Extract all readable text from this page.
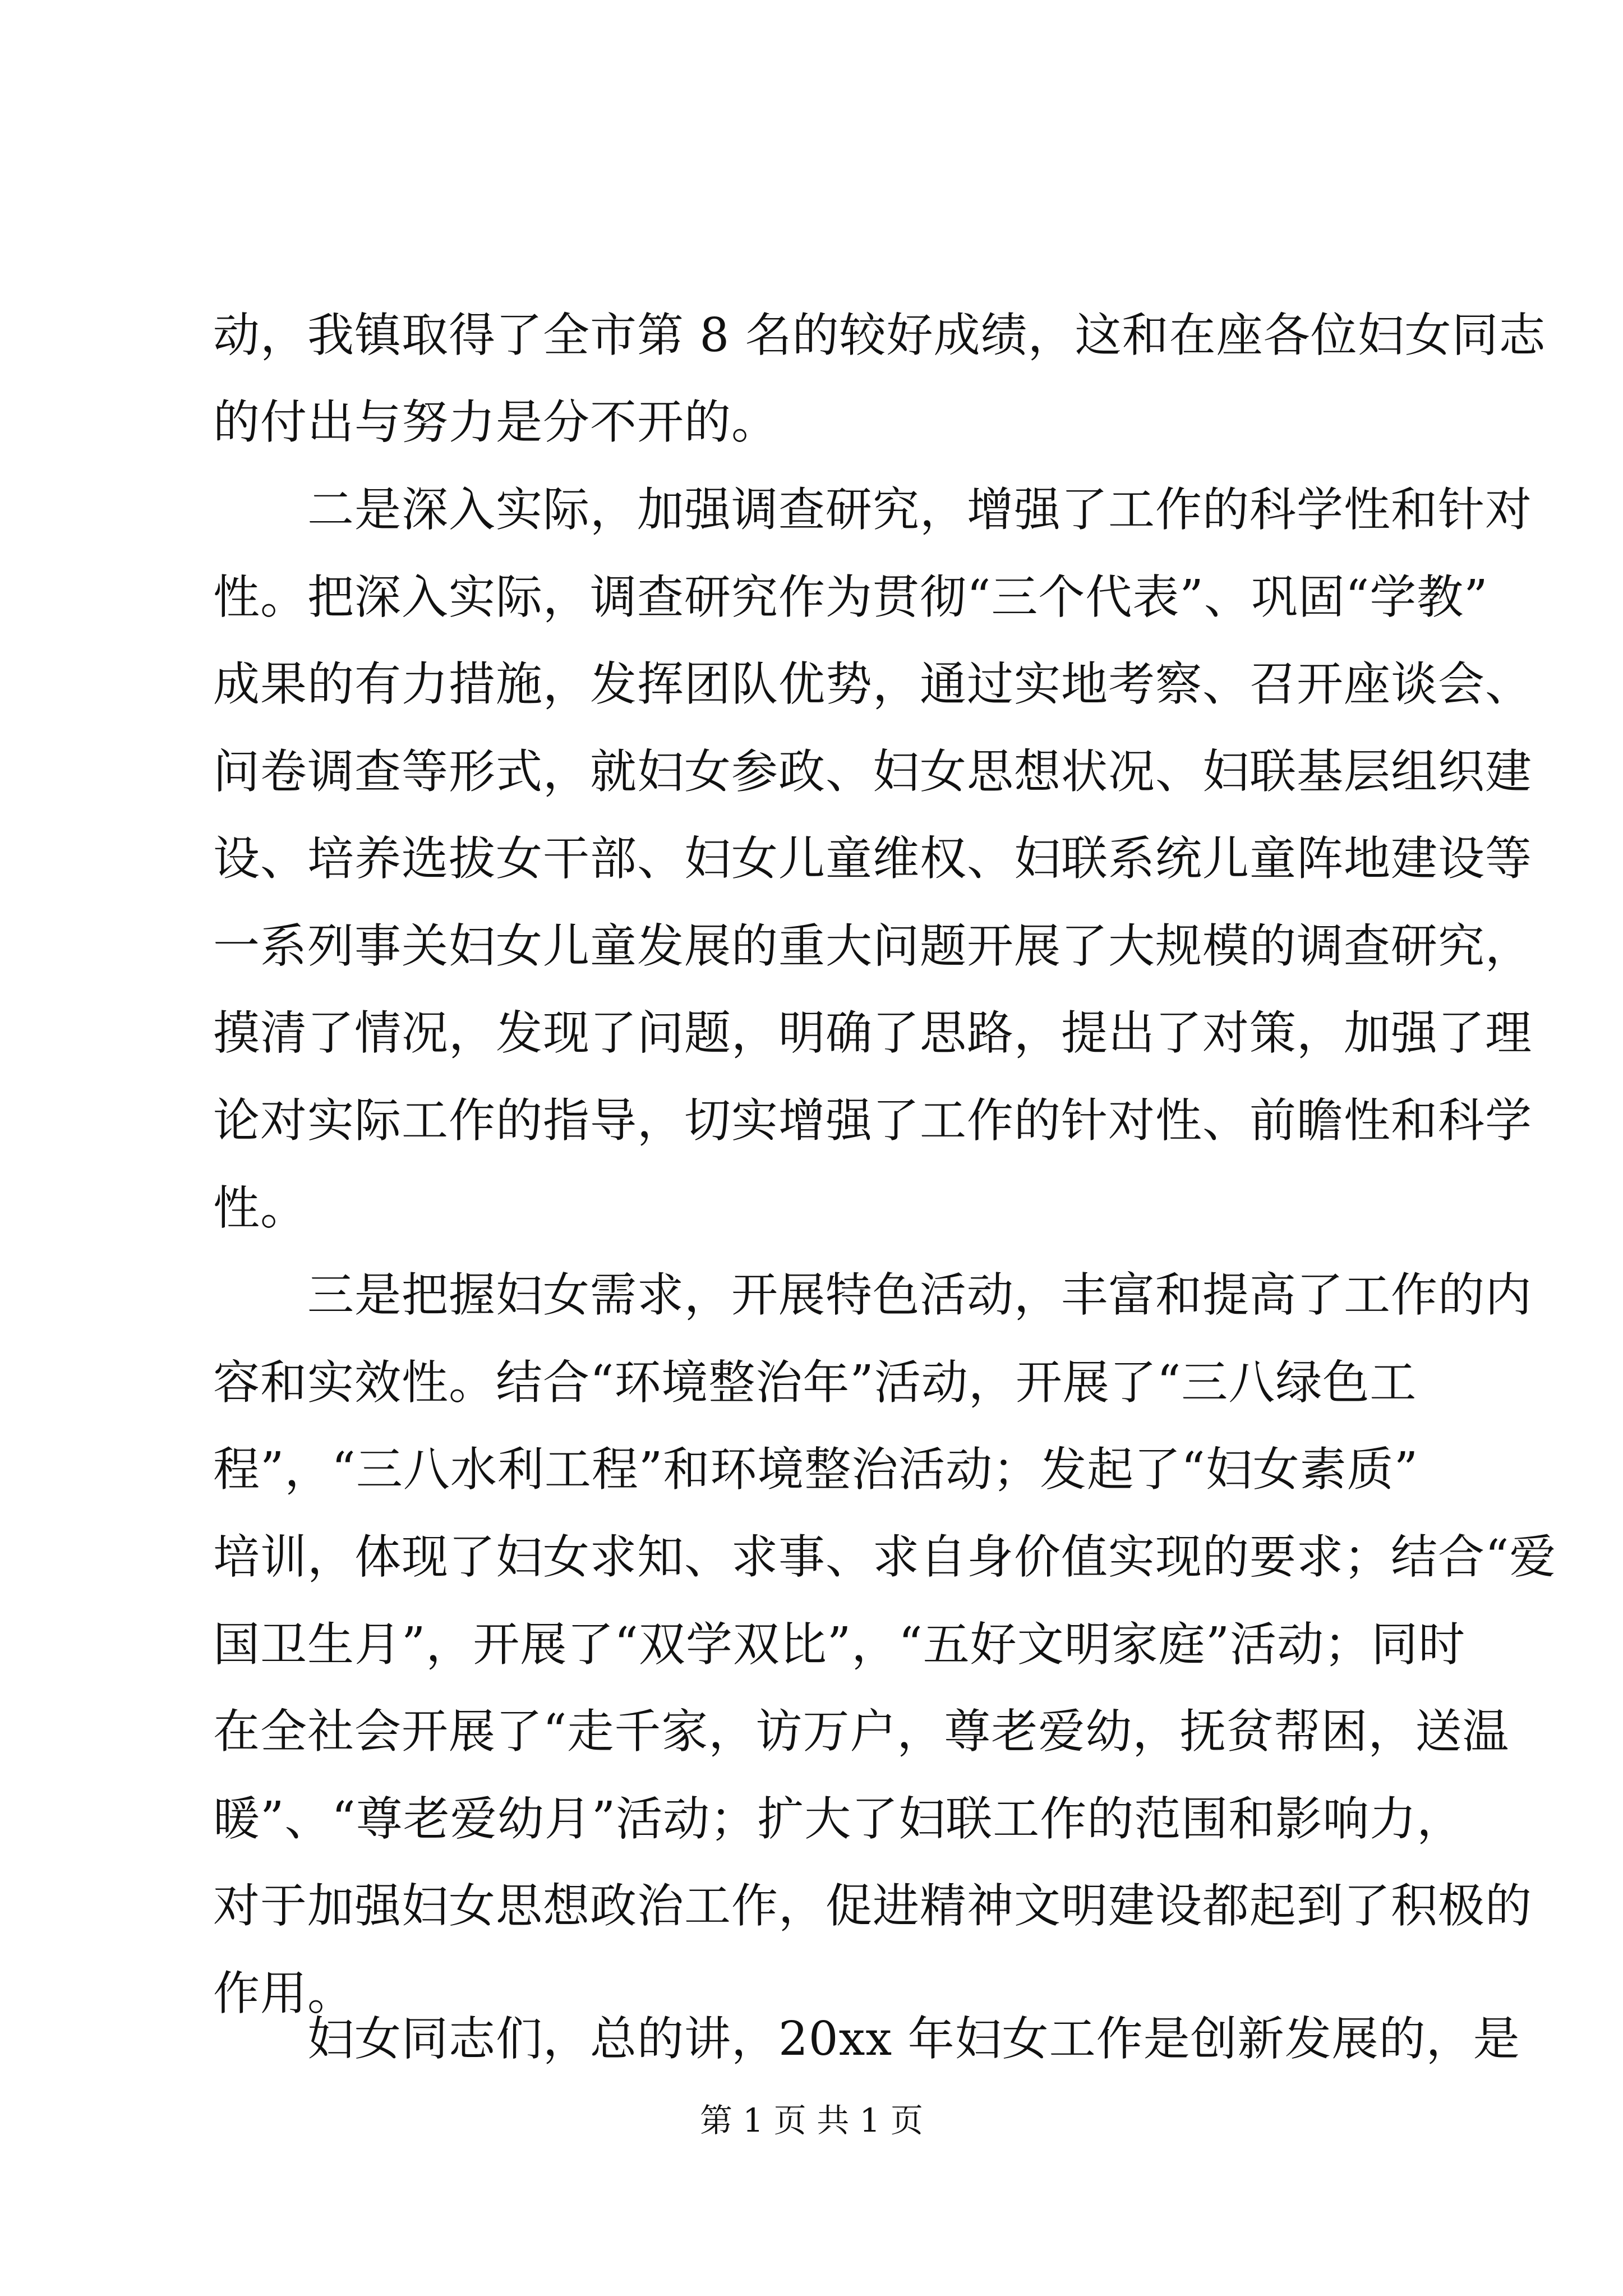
动，我镇取得了全市第 8 名的较好成绩，这和在座各位妇女同志
的付出与努力是分不开的。
　　二是深入实际，加强调查研究，增强了工作的科学性和针对
性。把深入实际，调查研究作为贯彻“三个代表”、巩固“学教”
成果的有力措施，发挥团队优势，通过实地考察、召开座谈会、
问卷调查等形式，就妇女参政、妇女思想状况、妇联基层组织建
设、培养选拔女干部、妇女儿童维权、妇联系统儿童阵地建设等
一系列事关妇女儿童发展的重大问题开展了大规模的调查研究，
摸清了情况，发现了问题，明确了思路，提出了对策，加强了理
论对实际工作的指导，切实增强了工作的针对性、前瞻性和科学
性。
　　三是把握妇女需求，开展特色活动，丰富和提高了工作的内
容和实效性。结合“环境整治年”活动，开展了“三八绿色工
程”，“三八水利工程”和环境整治活动；发起了“妇女素质”
培训，体现了妇女求知、求事、求自身价值实现的要求；结合“爱
国卫生月”，开展了“双学双比”，“五好文明家庭”活动；同时
在全社会开展了“走千家，访万户，尊老爱幼，抚贫帮困，送温
暖”、“尊老爱幼月”活动；扩大了妇联工作的范围和影响力，
对于加强妇女思想政治工作，促进精神文明建设都起到了积极的
作用。
　　妇女同志们，总的讲，20xx 年妇女工作是创新发展的，是
第 1 页 共 1 页
